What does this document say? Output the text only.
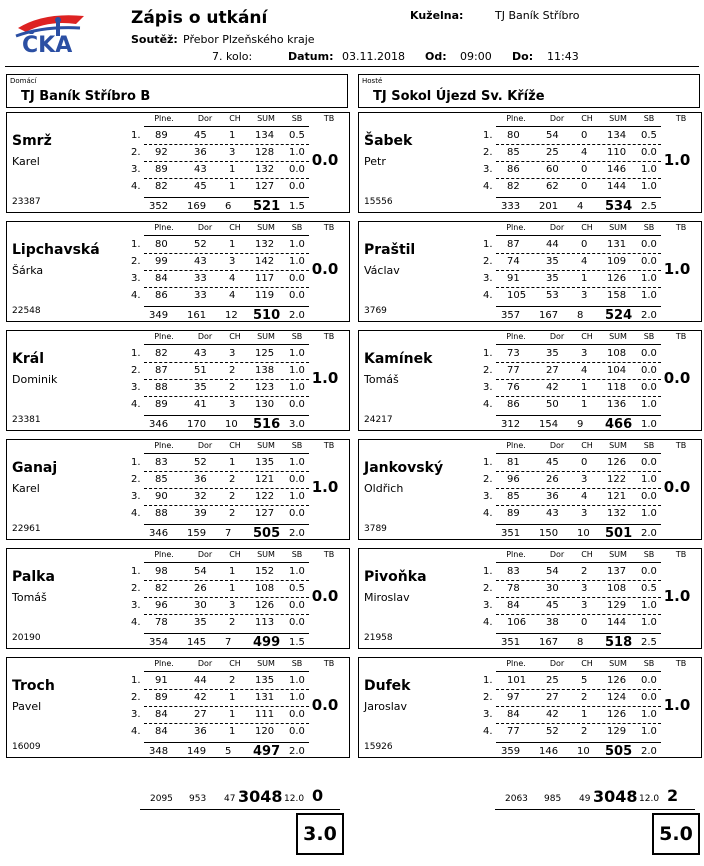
ČKA
Zápis o utkání	Kuželna:	TJ Baník Stříbro
Soutěž: Přebor Plzeňského kraje
7. kolo:	Datum: 03.11.2018 Od: 09:00 Do: 11:43
Domácí
TJ Baník Stříbro B
Hosté
TJ Sokol Újezd Sv. Kříže
Plne.	Dor	CH	SUM	SB	TB
Smrž
Karel
23387
1. 89	45 1 134 0.5
2. 92	36 3 128 1.0
3. 89	43 1 132 0.0
4. 82	45 1 127 0.0
352 169 6 521 1.5
0.0
Plne.	Dor	CH	SUM	SB	TB
Lipchavská
Šárka
22548
1. 80	52 1 132 1.0
2. 99	43 3 142 1.0
3. 84	33 4 117 0.0
4. 86	33 4 119 0.0
349 161 12 510 2.0
0.0
Plne.	Dor	CH	SUM	SB	TB
Král
Dominik
23381
1. 82	43 3 125 1.0
2. 87	51 2 138 1.0
3. 88	35 2 123 1.0
4. 89	41 3 130 0.0
346 170 10 516 3.0
1.0
Plne.	Dor	CH	SUM	SB	TB
Ganaj
Karel
22961
1. 83	52 1 135 1.0
2. 85	36 2 121 0.0
3. 90	32 2 122 1.0
4. 88	39 2 127 0.0
346 159 7 505 2.0
1.0
Plne.	Dor	CH	SUM	SB	TB
Palka
Tomáš
20190
1. 98	54 1 152 1.0
2. 82	26 1 108 0.5
3. 96	30 3 126 0.0
4. 78	35 2 113 0.0
354 145 7 499 1.5
0.0
Plne.	Dor	CH	SUM	SB	TB
Troch
Pavel
16009
1. 91	44 2 135 1.0
2. 89	42 1 131 1.0
3. 84	27 1 111 0.0
4. 84	36 1 120 0.0
348 149 5 497 2.0
0.0
Plne.	Dor	CH	SUM	SB	TB
Šabek
Petr
15556
1. 80	54 0 134 0.5
2. 85	25 4 110 0.0
3. 86	60 0 146 1.0
4. 82	62 0 144 1.0
333 201 4 534 2.5
1.0
Plne.	Dor	CH	SUM	SB	TB
Praštil
Václav
3769
1. 87	44 0 131 0.0
2. 74	35 4 109 0.0
3. 91	35 1 126 1.0
4. 105 53 3 158 1.0
357 167 8 524 2.0
1.0
Plne.	Dor	CH	SUM	SB	TB
Kamínek
Tomáš
24217
1. 73	35 3 108 0.0
2. 77	27 4 104 0.0
3. 76	42 1 118 0.0
4. 86	50 1 136 1.0
312 154 9 466 1.0
0.0
Plne.	Dor	CH	SUM	SB	TB
Jankovský
Oldřich
3789
1. 81	45 0 126 0.0
2. 96	26 3 122 1.0
3. 85	36 4 121 0.0
4. 89	43 3 132 1.0
351 150 10 501 2.0
0.0
Plne.	Dor	CH	SUM	SB	TB
Pivoňka
Miroslav
21958
1. 83	54 2 137 0.0
2. 78	30 3 108 0.5
3. 84	45 3 129 1.0
4. 106 38 0 144 1.0
351 167 8 518 2.5
1.0
Plne.	Dor	CH	SUM	SB	TB
Dufek
Jaroslav
15926
1. 101 25 5 126 0.0
2. 97	27 2 124 0.0
3. 84	42 1 126 1.0
4. 77	52 2 129 1.0
359 146 10 505 2.0
1.0
2095 953 47 3048 12.0 0
3.0
2063 985 49 3048 12.0 2
5.0
